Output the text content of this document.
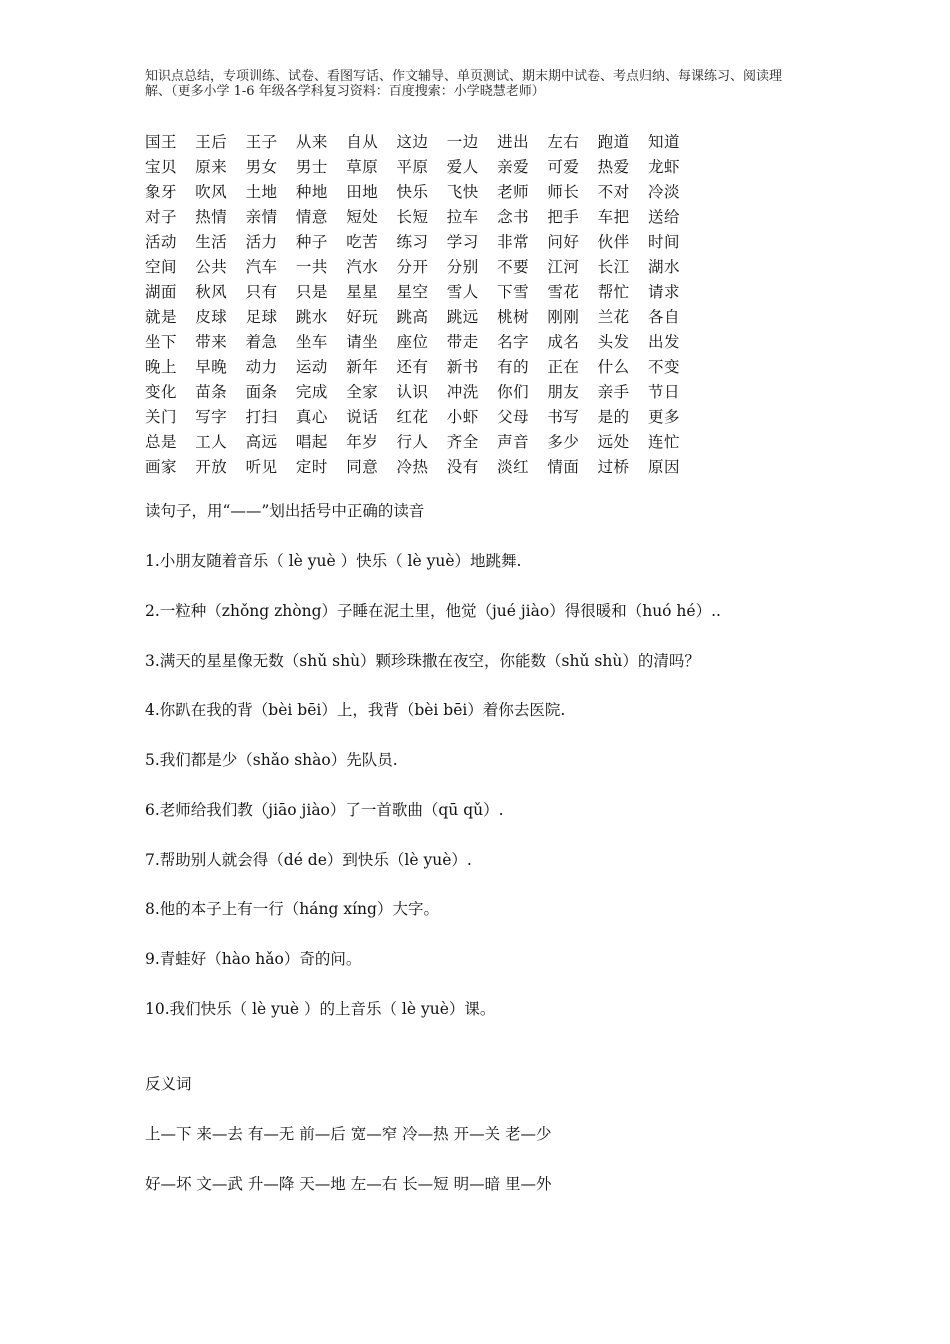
知识点总结，专项训练、试卷、看图写话、作文辅导、单页测试、期末期中试卷、考点归纳、每课练习、阅读理
解、（更多小学 1-6 年级各学科复习资料：百度搜索：小学晓慧老师）
国王	王后	王子	从来	自从	这边	一边	进出	左右	跑道	知道
宝贝	原来	男女	男士	草原	平原	爱人	亲爱	可爱	热爱	龙虾
象牙	吹风	土地	种地	田地	快乐	飞快	老师	师长	不对	冷淡
对子	热情	亲情	情意	短处	长短	拉车	念书	把手	车把	送给
活动	生活	活力	种子	吃苦	练习	学习	非常	问好	伙伴	时间
空间	公共	汽车	一共	汽水	分开	分别	不要	江河	长江	湖水
湖面	秋风	只有	只是	星星	星空	雪人	下雪	雪花	帮忙	请求
就是	皮球	足球	跳水	好玩	跳高	跳远	桃树	刚刚	兰花	各自
坐下	带来	着急	坐车	请坐	座位	带走	名字	成名	头发	出发
晚上	早晚	动力	运动	新年	还有	新书	有的	正在	什么	不变
变化	苗条	面条	完成	全家	认识	冲洗	你们	朋友	亲手	节日
关门	写字	打扫	真心	说话	红花	小虾	父母	书写	是的	更多
总是	工人	高远	唱起	年岁	行人	齐全	声音	多少	远处	连忙
画家	开放	听见	定时	同意	冷热	没有	淡红	情面	过桥	原因
读句子，用“——”划出括号中正确的读音
1.小朋友随着音乐（ lè yuè ）快乐（ lè yuè）地跳舞.
2.一粒种（zhǒng zhòng）子睡在泥土里，他觉（jué jiào）得很暖和（huó hé）..
3.满天的星星像无数（shǔ shù）颗珍珠撒在夜空，你能数（shǔ shù）的清吗？
4.你趴在我的背（bèi bēi）上，我背（bèi bēi）着你去医院.
5.我们都是少（shǎo shào）先队员.
6.老师给我们教（jiāo jiào）了一首歌曲（qū qǔ）.
7.帮助别人就会得（dé de）到快乐（lè yuè）.
8.他的本子上有一行（háng xíng）大字。
9.青蛙好（hào hǎo）奇的问。
10.我们快乐（ lè yuè ）的上音乐（ lè yuè）课。
反义词
上—下 来—去 有—无 前—后 宽—窄 冷—热 开—关 老—少
好—坏 文—武 升—降 天—地 左—右 长—短 明—暗 里—外
